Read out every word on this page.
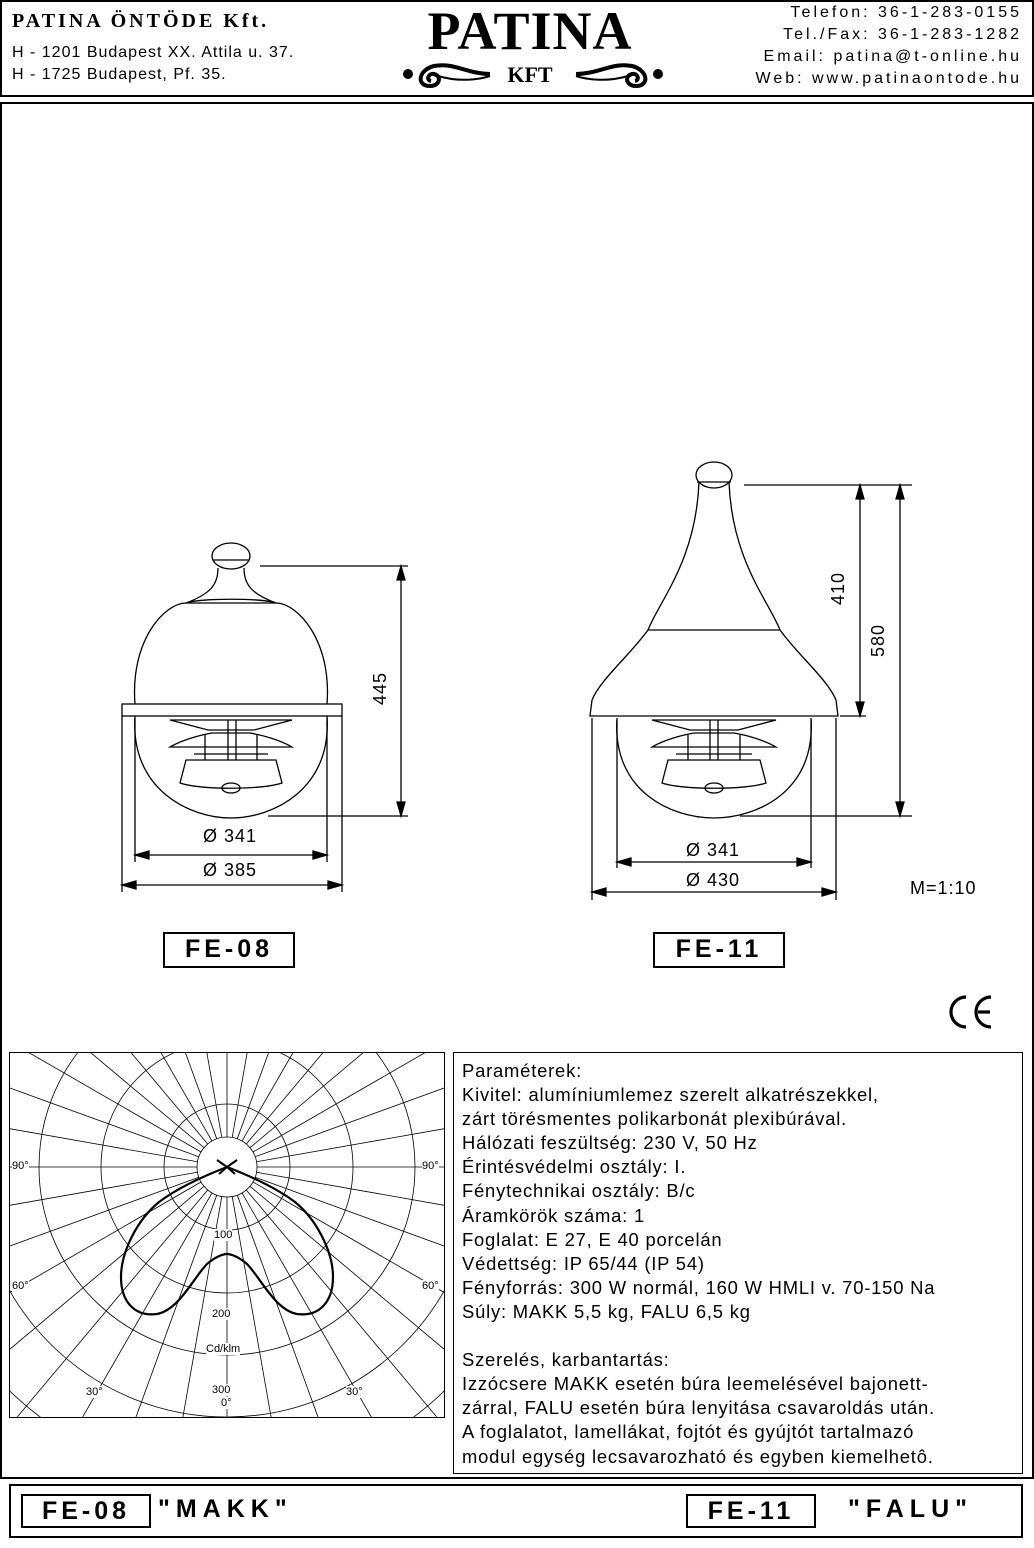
PATINA ÖNTÖDE Kft.
H - 1201 Budapest XX. Attila u. 37.
H - 1725 Budapest, Pf. 35.
PATINA
KFT
Telefon: 36-1-283-0155
Tel./Fax: 36-1-283-1282
Email: patina@t-online.hu
Web: www.patinaontode.hu
445
Ø 341
Ø 385
FE-08
410
580
Ø 341
Ø 430
FE-11
M=1:10
90°	90°
60°	60°
30°	30°
0°
100
200
300
Cd/klm
Paraméterek:
Kivitel: alumíniumlemez szerelt alkatrészekkel,
zárt törésmentes polikarbonát plexibúrával.
Hálózati feszültség: 230 V, 50 Hz
Érintésvédelmi osztály: I.
Fénytechnikai osztály: B/c
Áramkörök száma: 1
Foglalat: E 27, E 40 porcelán
Védettség: IP 65/44 (IP 54)
Fényforrás: 300 W normál, 160 W HMLI v. 70-150 Na
Súly: MAKK 5,5 kg, FALU 6,5 kg
Szerelés, karbantartás:
Izzócsere MAKK esetén búra leemelésével bajonett-
zárral, FALU esetén búra lenyitása csavaroldás után.
A foglalatot, lamellákat, fojtót és gyújtót tartalmazó
modul egység lecsavarozható és egyben kiemelhetô.
FE-08	"MAKK"	FE-11	"FALU"
